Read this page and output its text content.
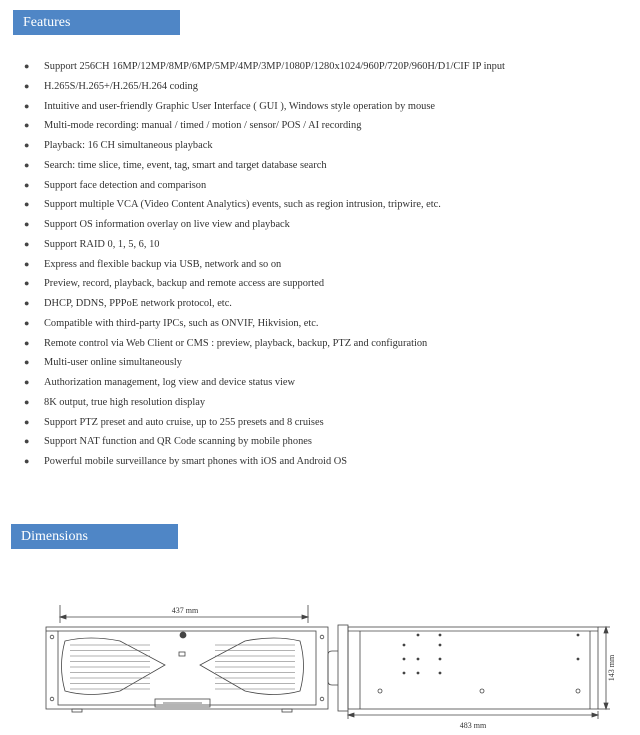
Features
● Support 256CH 16MP/12MP/8MP/6MP/5MP/4MP/3MP/1080P/1280x1024/960P/720P/960H/D1/CIF IP input
● H.265S/H.265+/H.265/H.264 coding
● Intuitive and user-friendly Graphic User Interface ( GUI ), Windows style operation by mouse
● Multi-mode recording: manual / timed / motion / sensor/ POS / AI recording
● Playback: 16 CH simultaneous playback
● Search: time slice, time, event, tag, smart and target database search
● Support face detection and comparison
● Support multiple VCA (Video Content Analytics) events, such as region intrusion, tripwire, etc.
● Support OS information overlay on live view and playback
● Support RAID 0, 1, 5, 6, 10
● Express and flexible backup via USB, network and so on
● Preview, record, playback, backup and remote access are supported
● DHCP, DDNS, PPPoE network protocol, etc.
● Compatible with third-party IPCs, such as ONVIF, Hikvision, etc.
● Remote control via Web Client or CMS : preview, playback, backup, PTZ and configuration
● Multi-user online simultaneously
● Authorization management, log view and device status view
● 8K output, true high resolution display
● Support PTZ preset and auto cruise, up to 255 presets and 8 cruises
● Support NAT function and QR Code scanning by mobile phones
● Powerful mobile surveillance by smart phones with iOS and Android OS
Dimensions
437 mm
143 mm
483 mm
